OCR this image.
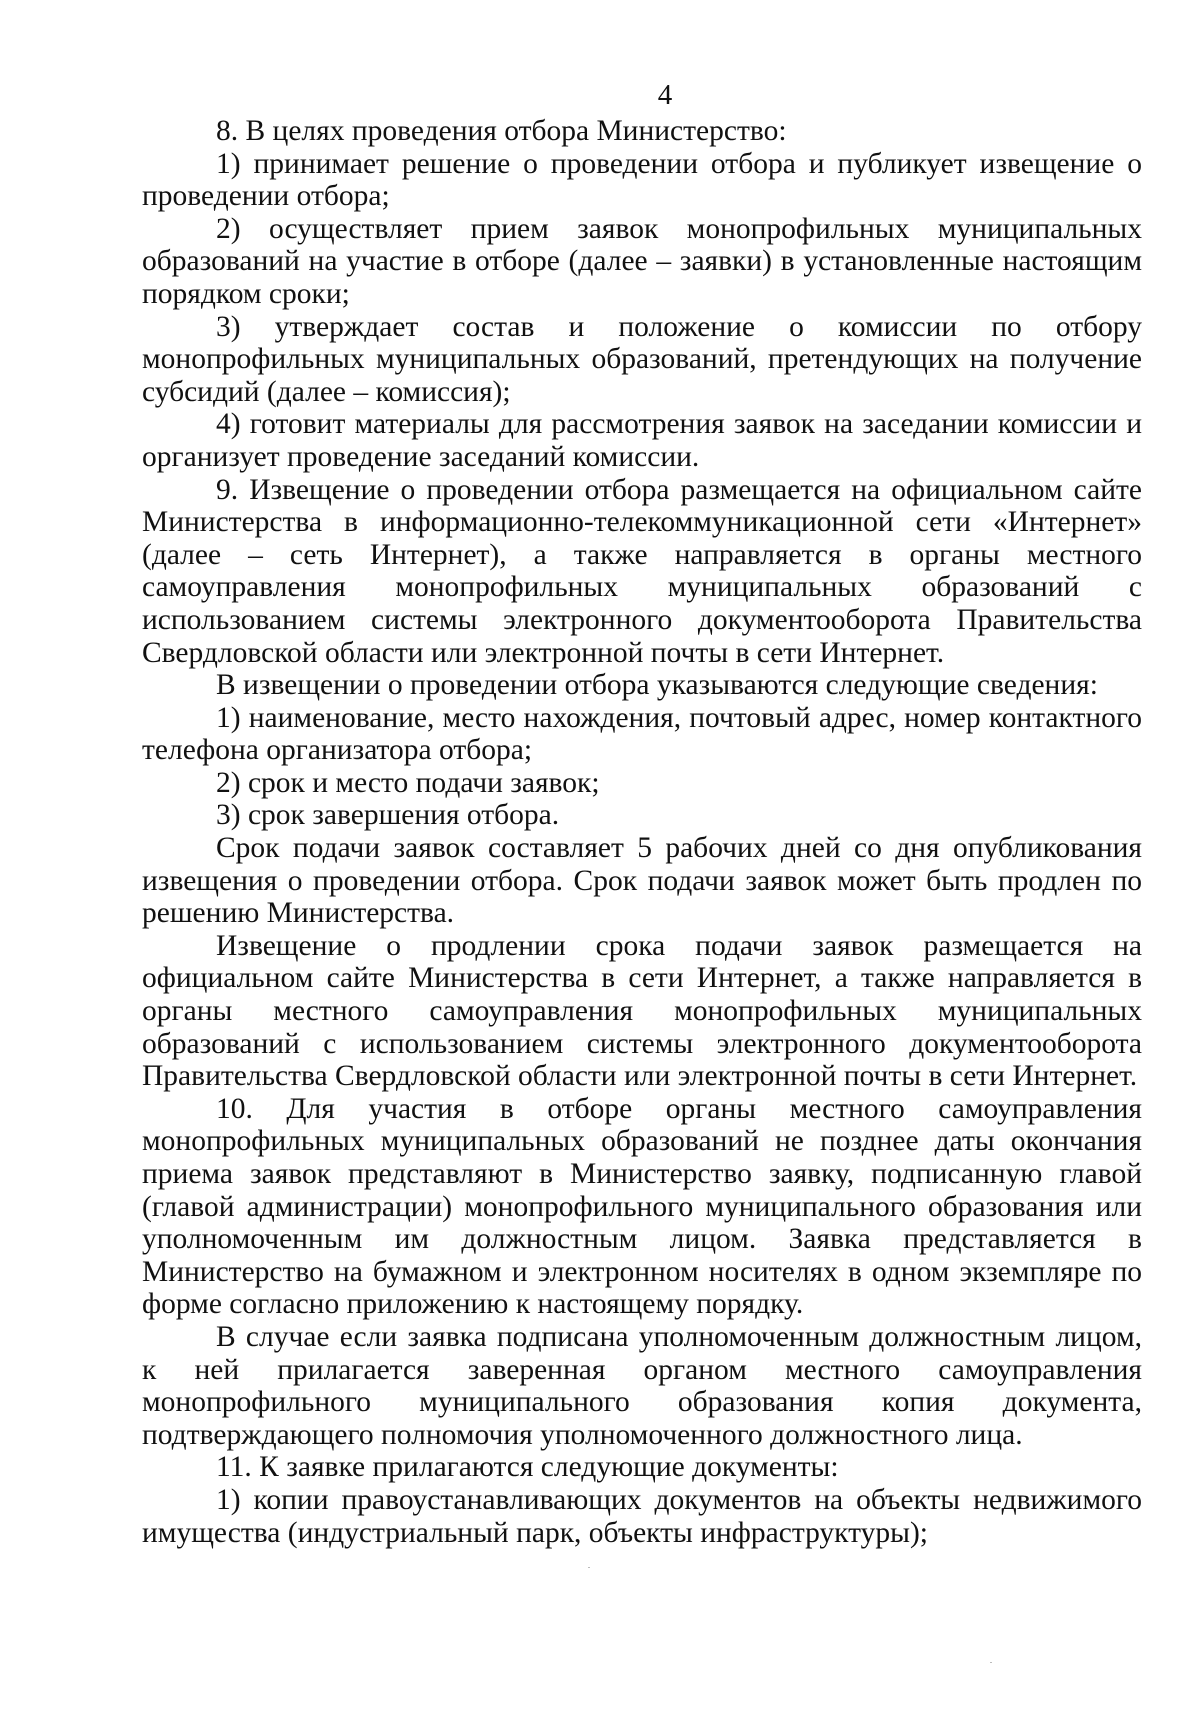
4

8. В целях проведения отбора Министерство:

1) принимает решение о проведении отбора и публикует извещение о проведении отбора;

2) осуществляет прием заявок монопрофильных муниципальных образований на участие в отборе (далее – заявки) в установленные настоящим порядком сроки;

3) утверждает состав и положение о комиссии по отбору монопрофильных муниципальных образований, претендующих на получение субсидий (далее – комиссия);

4) готовит материалы для рассмотрения заявок на заседании комиссии и организует проведение заседаний комиссии.

9. Извещение о проведении отбора размещается на официальном сайте Министерства в информационно-телекоммуникационной сети «Интернет» (далее – сеть Интернет), а также направляется в органы местного самоуправления монопрофильных муниципальных образований с использованием системы электронного документооборота Правительства Свердловской области или электронной почты в сети Интернет.

В извещении о проведении отбора указываются следующие сведения:

1) наименование, место нахождения, почтовый адрес, номер контактного телефона организатора отбора;

2) срок и место подачи заявок;

3) срок завершения отбора.

Срок подачи заявок составляет 5 рабочих дней со дня опубликования извещения о проведении отбора. Срок подачи заявок может быть продлен по решению Министерства.

Извещение о продлении срока подачи заявок размещается на официальном сайте Министерства в сети Интернет, а также направляется в органы местного самоуправления монопрофильных муниципальных образований с использованием системы электронного документооборота Правительства Свердловской области или электронной почты в сети Интернет.

10. Для участия в отборе органы местного самоуправления монопрофильных муниципальных образований не позднее даты окончания приема заявок представляют в Министерство заявку, подписанную главой (главой администрации) монопрофильного муниципального образования или уполномоченным им должностным лицом. Заявка представляется в Министерство на бумажном и электронном носителях в одном экземпляре по форме согласно приложению к настоящему порядку.

В случае если заявка подписана уполномоченным должностным лицом, к ней прилагается заверенная органом местного самоуправления монопрофильного муниципального образования копия документа, подтверждающего полномочия уполномоченного должностного лица.

11. К заявке прилагаются следующие документы:

1) копии правоустанавливающих документов на объекты недвижимого имущества (индустриальный парк, объекты инфраструктуры);
